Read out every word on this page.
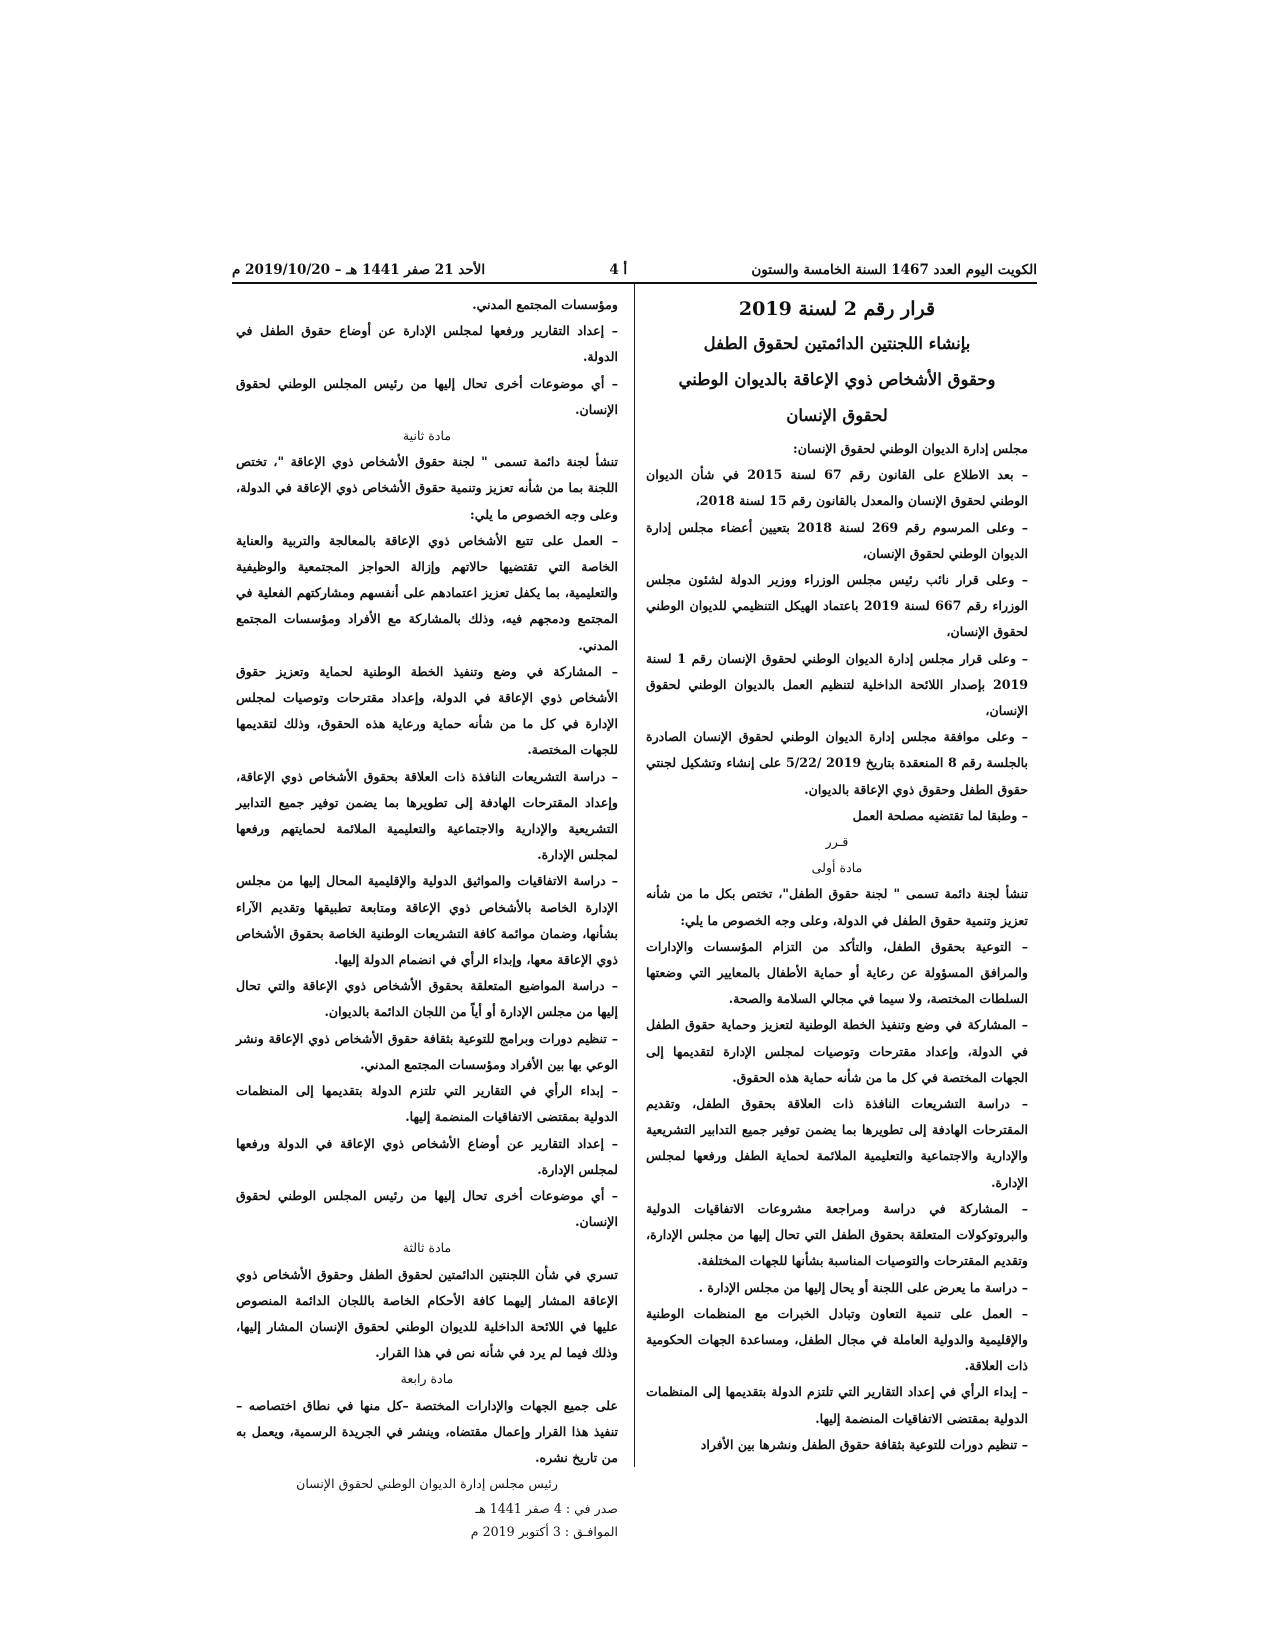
الكويت اليوم العدد 1467 السنة الخامسة والستون
أ 4
الأحد 21 صفر 1441 هـ – 2019/10/20 م
قرار رقم 2 لسنة 2019
بإنشاء اللجنتين الدائمتين لحقوق الطفل
وحقوق الأشخاص ذوي الإعاقة بالديوان الوطني
لحقوق الإنسان

مجلس إدارة الديوان الوطني لحقوق الإنسان:

– بعد الاطلاع على القانون رقم 67 لسنة 2015 في شأن الديوان الوطني لحقوق الإنسان والمعدل بالقانون رقم 15 لسنة 2018،

– وعلى المرسوم رقم 269 لسنة 2018 بتعيين أعضاء مجلس إدارة الديوان الوطني لحقوق الإنسان،

– وعلى قرار نائب رئيس مجلس الوزراء ووزير الدولة لشئون مجلس الوزراء رقم 667 لسنة 2019 باعتماد الهيكل التنظيمي للديوان الوطني لحقوق الإنسان،

– وعلى قرار مجلس إدارة الديوان الوطني لحقوق الإنسان رقم 1 لسنة 2019 بإصدار اللائحة الداخلية لتنظيم العمل بالديوان الوطني لحقوق الإنسان،

– وعلى موافقة مجلس إدارة الديوان الوطني لحقوق الإنسان الصادرة بالجلسة رقم 8 المنعقدة بتاريخ 2019 /5/22 على إنشاء وتشكيل لجنتي حقوق الطفل وحقوق ذوي الإعاقة بالديوان.

– وطبقا لما تقتضيه مصلحة العمل

قـرر

مادة أولى

تنشأ لجنة دائمة تسمى " لجنة حقوق الطفل"، تختص بكل ما من شأنه تعزيز وتنمية حقوق الطفل في الدولة، وعلى وجه الخصوص ما يلي:

– التوعية بحقوق الطفل، والتأكد من التزام المؤسسات والإدارات والمرافق المسؤولة عن رعاية أو حماية الأطفال بالمعايير التي وضعتها السلطات المختصة، ولا سيما في مجالي السلامة والصحة.

– المشاركة في وضع وتنفيذ الخطة الوطنية لتعزيز وحماية حقوق الطفل في الدولة، وإعداد مقترحات وتوصيات لمجلس الإدارة لتقديمها إلى الجهات المختصة في كل ما من شأنه حماية هذه الحقوق.

– دراسة التشريعات النافذة ذات العلاقة بحقوق الطفل، وتقديم المقترحات الهادفة إلى تطويرها بما يضمن توفير جميع التدابير التشريعية والإدارية والاجتماعية والتعليمية الملائمة لحماية الطفل ورفعها لمجلس الإدارة.

– المشاركة في دراسة ومراجعة مشروعات الاتفاقيات الدولية والبروتوكولات المتعلقة بحقوق الطفل التي تحال إليها من مجلس الإدارة، وتقديم المقترحات والتوصيات المناسبة بشأنها للجهات المختلفة.

– دراسة ما يعرض على اللجنة أو يحال إليها من مجلس الإدارة .

– العمل على تنمية التعاون وتبادل الخبرات مع المنظمات الوطنية والإقليمية والدولية العاملة في مجال الطفل، ومساعدة الجهات الحكومية ذات العلاقة.

– إبداء الرأي في إعداد التقارير التي تلتزم الدولة بتقديمها إلى المنظمات الدولية بمقتضى الاتفاقيات المنضمة إليها.

– تنظيم دورات للتوعية بثقافة حقوق الطفل ونشرها بين الأفراد

ومؤسسات المجتمع المدني.

– إعداد التقارير ورفعها لمجلس الإدارة عن أوضاع حقوق الطفل في الدولة.

– أي موضوعات أخرى تحال إليها من رئيس المجلس الوطني لحقوق الإنسان.

مادة ثانية

تنشأ لجنة دائمة تسمى " لجنة حقوق الأشخاص ذوي الإعاقة "، تختص اللجنة بما من شأنه تعزيز وتنمية حقوق الأشخاص ذوي الإعاقة في الدولة، وعلى وجه الخصوص ما يلي:

– العمل على تتبع الأشخاص ذوي الإعاقة بالمعالجة والتربية والعناية الخاصة التي تقتضيها حالاتهم وإزالة الحواجز المجتمعية والوظيفية والتعليمية، بما يكفل تعزيز اعتمادهم على أنفسهم ومشاركتهم الفعلية في المجتمع ودمجهم فيه، وذلك بالمشاركة مع الأفراد ومؤسسات المجتمع المدني.

– المشاركة في وضع وتنفيذ الخطة الوطنية لحماية وتعزيز حقوق الأشخاص ذوي الإعاقة في الدولة، وإعداد مقترحات وتوصيات لمجلس الإدارة في كل ما من شأنه حماية ورعاية هذه الحقوق، وذلك لتقديمها للجهات المختصة.

– دراسة التشريعات النافذة ذات العلاقة بحقوق الأشخاص ذوي الإعاقة، وإعداد المقترحات الهادفة إلى تطويرها بما يضمن توفير جميع التدابير التشريعية والإدارية والاجتماعية والتعليمية الملائمة لحمايتهم ورفعها لمجلس الإدارة.

– دراسة الاتفاقيات والمواثيق الدولية والإقليمية المحال إليها من مجلس الإدارة الخاصة بالأشخاص ذوي الإعاقة ومتابعة تطبيقها وتقديم الآراء بشأنها، وضمان موائمة كافة التشريعات الوطنية الخاصة بحقوق الأشخاص ذوي الإعاقة معها، وإبداء الرأي في انضمام الدولة إليها.

– دراسة المواضيع المتعلقة بحقوق الأشخاص ذوي الإعاقة والتي تحال إليها من مجلس الإدارة أو أياً من اللجان الدائمة بالديوان.

– تنظيم دورات وبرامج للتوعية بثقافة حقوق الأشخاص ذوي الإعاقة ونشر الوعي بها بين الأفراد ومؤسسات المجتمع المدني.

– إبداء الرأي في التقارير التي تلتزم الدولة بتقديمها إلى المنظمات الدولية بمقتضى الاتفاقيات المنضمة إليها.

– إعداد التقارير عن أوضاع الأشخاص ذوي الإعاقة في الدولة ورفعها لمجلس الإدارة.

– أي موضوعات أخرى تحال إليها من رئيس المجلس الوطني لحقوق الإنسان.

مادة ثالثة

تسري في شأن اللجنتين الدائمتين لحقوق الطفل وحقوق الأشخاص ذوي الإعاقة المشار إليهما كافة الأحكام الخاصة باللجان الدائمة المنصوص عليها في اللائحة الداخلية للديوان الوطني لحقوق الإنسان المشار إليها، وذلك فيما لم يرد في شأنه نص في هذا القرار.

مادة رابعة

على جميع الجهات والإدارات المختصة –كل منها في نطاق اختصاصه – تنفيذ هذا القرار وإعمال مقتضاه، وينشر في الجريدة الرسمية، ويعمل به من تاريخ نشره.

رئيس مجلس إدارة الديوان الوطني لحقوق الإنسان

صدر في : 4 صفر 1441 هـ

الموافـق : 3 أكتوبر 2019 م
